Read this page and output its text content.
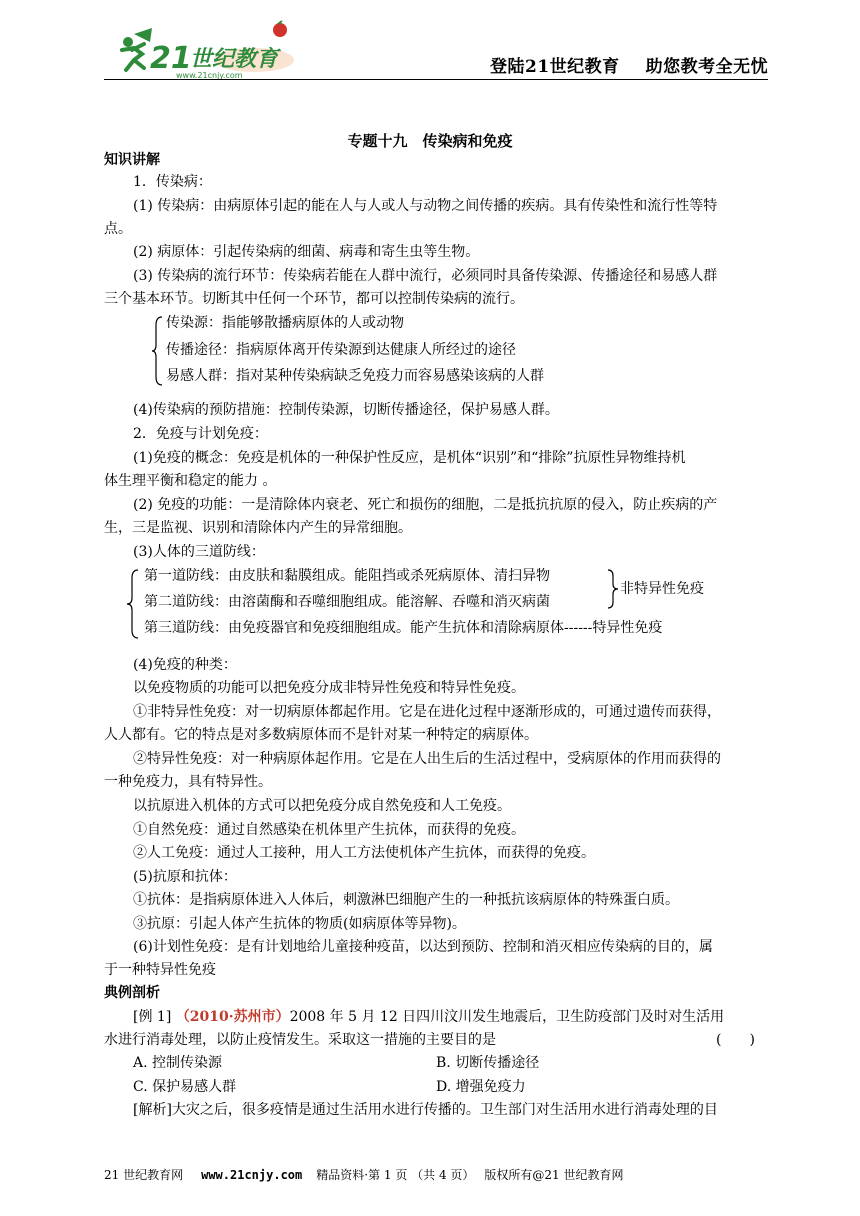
21
世纪教育
www.21cnjy.com	登陆21世纪教育 助您教考全无忧
专题十九　传染病和免疫
知识讲解
1．传染病：
(1) 传染病：由病原体引起的能在人与人或人与动物之间传播的疾病。具有传染性和流行性等特
点。
(2) 病原体：引起传染病的细菌、病毒和寄生虫等生物。
(3) 传染病的流行环节：传染病若能在人群中流行，必须同时具备传染源、传播途径和易感人群
三个基本环节。切断其中任何一个环节，都可以控制传染病的流行。
传染源：指能够散播病原体的人或动物
传播途径：指病原体离开传染源到达健康人所经过的途径
易感人群：指对某种传染病缺乏免疫力而容易感染该病的人群
(4)传染病的预防措施：控制传染源，切断传播途径，保护易感人群。
2．免疫与计划免疫：
(1)免疫的概念：免疫是机体的一种保护性反应，是机体“识别”和“排除”抗原性异物维持机
体生理平衡和稳定的能力 。
(2) 免疫的功能：一是清除体内衰老、死亡和损伤的细胞，二是抵抗抗原的侵入，防止疾病的产
生，三是监视、识别和清除体内产生的异常细胞。
(3)人体的三道防线：
第一道防线：由皮肤和黏膜组成。能阻挡或杀死病原体、清扫异物
第二道防线：由溶菌酶和吞噬细胞组成。能溶解、吞噬和消灭病菌
第三道防线：由免疫器官和免疫细胞组成。能产生抗体和清除病原体------特异性免疫
非特异性免疫
(4)免疫的种类：
以免疫物质的功能可以把免疫分成非特异性免疫和特异性免疫。
①非特异性免疫：对一切病原体都起作用。它是在进化过程中逐渐形成的，可通过遗传而获得，
人人都有。它的特点是对多数病原体而不是针对某一种特定的病原体。
②特异性免疫：对一种病原体起作用。它是在人出生后的生活过程中，受病原体的作用而获得的
一种免疫力，具有特异性。
以抗原进入机体的方式可以把免疫分成自然免疫和人工免疫。
①自然免疫：通过自然感染在机体里产生抗体，而获得的免疫。
②人工免疫：通过人工接种，用人工方法使机体产生抗体，而获得的免疫。
(5)抗原和抗体：
①抗体：是指病原体进入人体后，刺激淋巴细胞产生的一种抵抗该病原体的特殊蛋白质。
③抗原：引起人体产生抗体的物质(如病原体等异物)。
(6)计划性免疫：是有计划地给儿童接种疫苗，以达到预防、控制和消灭相应传染病的目的，属
于一种特异性免疫
典例剖析
[例 1] （2010·苏州市）2008 年 5 月 12 日四川汶川发生地震后，卫生防疫部门及时对生活用
水进行消毒处理，以防止疫情发生。采取这一措施的主要目的是	(　　)
A. 控制传染源	B. 切断传播途径
C. 保护易感人群	D. 增强免疫力
[解析]大灾之后，很多疫情是通过生活用水进行传播的。卫生部门对生活用水进行消毒处理的目
21 世纪教育网 www.21cnjy.com 精品资料·第 1 页 （共 4 页） 版权所有@21 世纪教育网
